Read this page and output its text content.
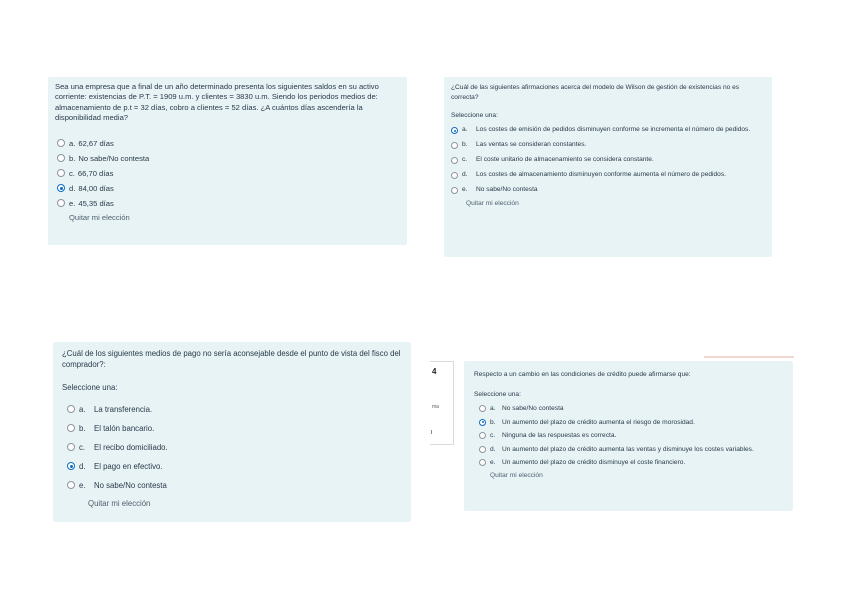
Sea una empresa que a final de un año determinado presenta los siguientes saldos en su activo corriente: existencias de P.T. = 1909 u.m. y clientes = 3830 u.m. Siendo los periodos medios de: almacenamiento de p.t = 32 días, cobro a clientes = 52 días. ¿A cuántos días ascendería la disponibilidad media?

a. 62,67 días
b. No sabe/No contesta
c. 66,70 días
d. 84,00 días
e. 45,35 días
Quitar mi elección

¿Cuál de las siguientes afirmaciones acerca del modelo de Wilson de gestión de existencias no es correcta?

Seleccione una:

a.	Los costes de emisión de pedidos disminuyen conforme se incrementa el número de pedidos.
b.	Las ventas se consideran constantes.
c.	El coste unitario de almacenamiento se considera constante.
d.	Los costes de almacenamiento disminuyen conforme aumenta el número de pedidos.
e.	No sabe/No contesta
Quitar mi elección

¿Cuál de los siguientes medios de pago no sería aconsejable desde el punto de vista del fisco del comprador?:

Seleccione una:

a.	La transferencia.
b.	El talón bancario.
c.	El recibo domiciliado.
d.	El pago en efectivo.
e.	No sabe/No contesta
Quitar mi elección
4
ma

Respecto a un cambio en las condiciones de crédito puede afirmarse que:

Seleccione una:

a. No sabe/No contesta
b. Un aumento del plazo de crédito aumenta el riesgo de morosidad.
c.	Ninguna de las respuestas es correcta.
d. Un aumento del plazo de crédito aumenta las ventas y disminuye los costes variables.
e. Un aumento del plazo de crédito disminuye el coste financiero.
Quitar mi elección
